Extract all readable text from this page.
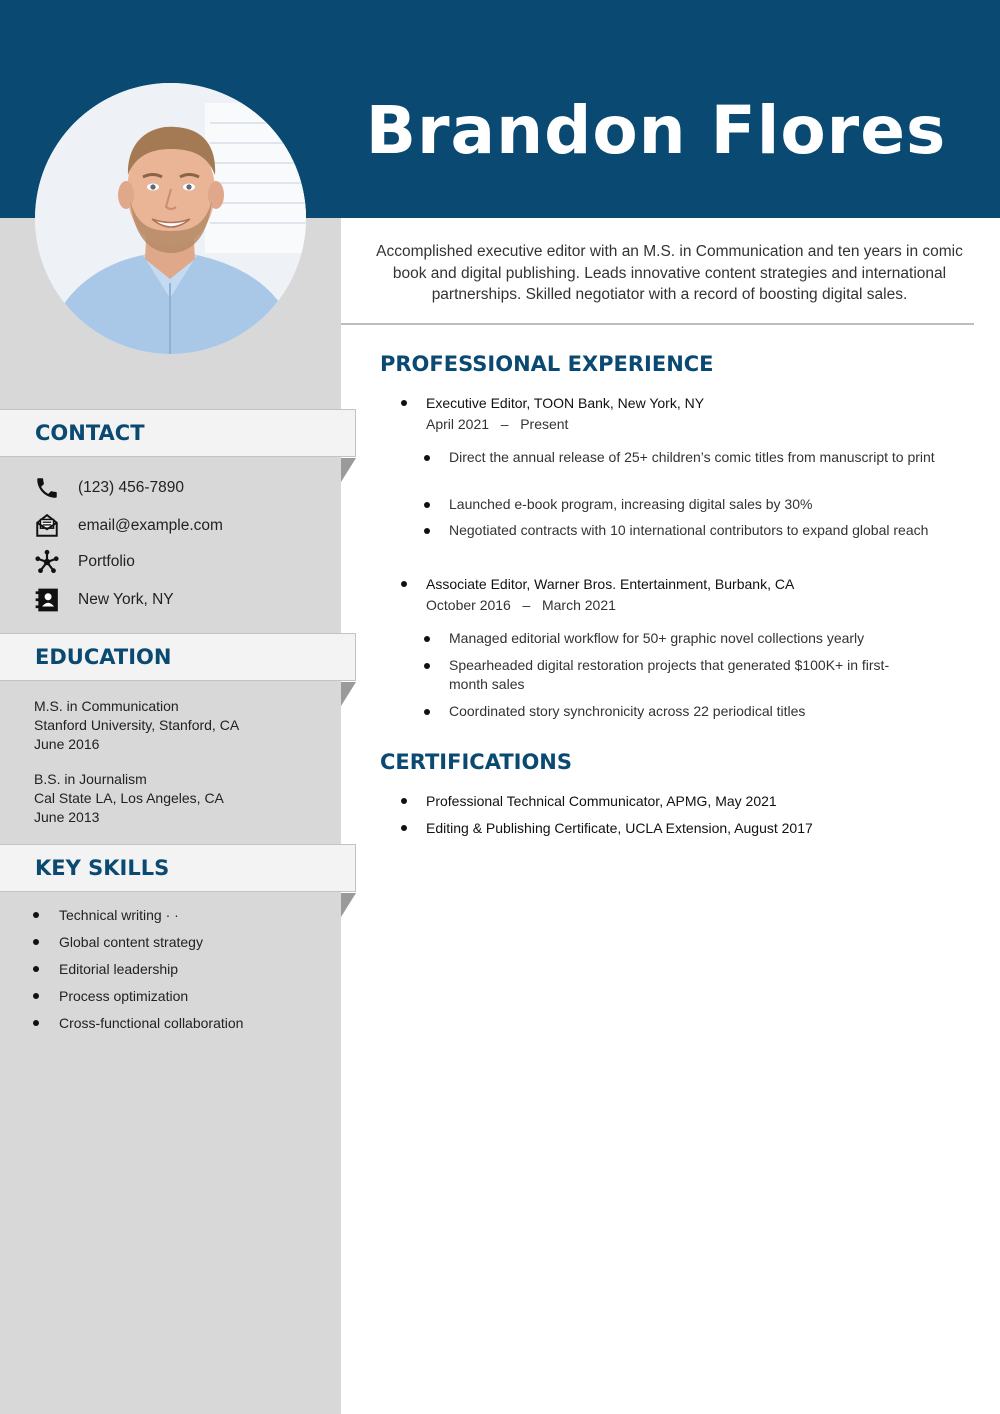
Brandon Flores
Accomplished executive editor with an M.S. in Communication and ten years in comic book and digital publishing. Leads innovative content strategies and international partnerships. Skilled negotiator with a record of boosting digital sales.
CONTACT
(123) 456-7890
email@example.com
Portfolio
New York, NY
EDUCATION
M.S. in Communication
Stanford University, Stanford, CA
June 2016
B.S. in Journalism
Cal State LA, Los Angeles, CA
June 2013
KEY SKILLS
Technical writing · ·
Global content strategy
Editorial leadership
Process optimization
Cross-functional collaboration
PROFESSIONAL EXPERIENCE
Executive Editor, TOON Bank, New York, NY
April 2021 – Present
Direct the annual release of 25+ children’s comic titles from manuscript to print
Launched e-book program, increasing digital sales by 30%
Negotiated contracts with 10 international contributors to expand global reach
Associate Editor, Warner Bros. Entertainment, Burbank, CA
October 2016 – March 2021
Managed editorial workflow for 50+ graphic novel collections yearly
Spearheaded digital restoration projects that generated $100K+ in first-month sales
Coordinated story synchronicity across 22 periodical titles
CERTIFICATIONS
Professional Technical Communicator, APMG, May 2021
Editing & Publishing Certificate, UCLA Extension, August 2017
